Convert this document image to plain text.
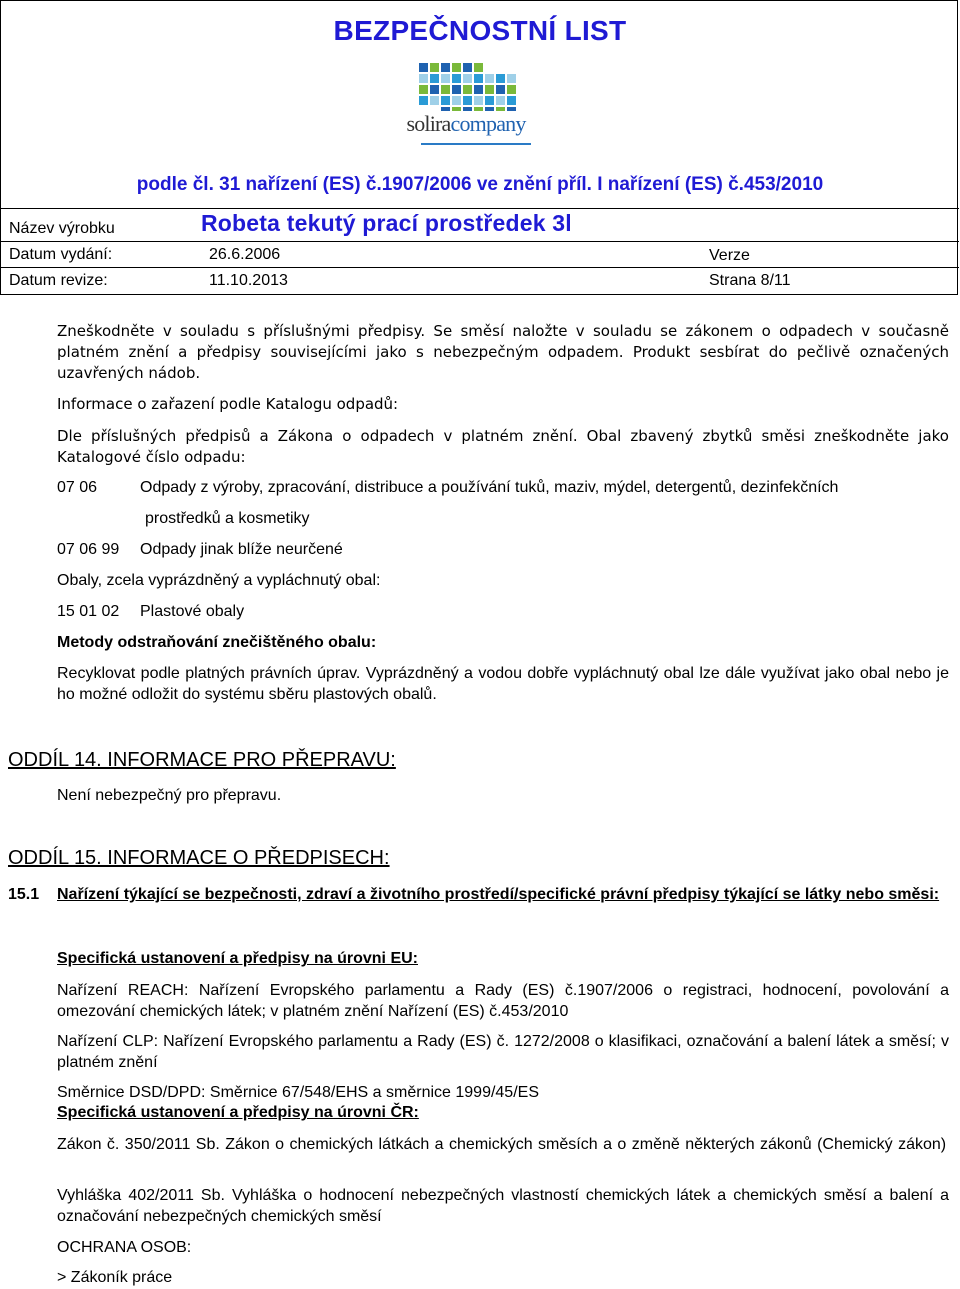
BEZPEČNOSTNÍ LIST
soliracompany
podle čl. 31 nařízení (ES) č.1907/2006 ve znění příl. I nařízení (ES) č.453/2010
Název výrobku	Robeta tekutý prací prostředek 3l
Datum vydání:	26.6.2006	Verze
Datum revize:	11.10.2013	Strana 8/11
Zneškodněte v souladu s příslušnými předpisy. Se směsí naložte v souladu se zákonem o odpadech v současně platném znění a předpisy souvisejícími jako s nebezpečným odpadem. Produkt sesbírat do pečlivě označených uzavřených nádob.
Informace o zařazení podle Katalogu odpadů:
Dle příslušných předpisů a Zákona o odpadech v platném znění. Obal zbavený zbytků směsi zneškodněte jako Katalogové číslo odpadu:
07 06	Odpady z výroby, zpracování, distribuce a používání tuků, maziv, mýdel, detergentů, dezinfekčních
prostředků a kosmetiky
07 06 99 Odpady jinak blíže neurčené
Obaly, zcela vyprázdněný a vypláchnutý obal:
15 01 02 Plastové obaly
Metody odstraňování znečištěného obalu:
Recyklovat podle platných právních úprav. Vyprázdněný a vodou dobře vypláchnutý obal lze dále využívat jako obal nebo je ho možné odložit do systému sběru plastových obalů.
ODDÍL 14. INFORMACE PRO PŘEPRAVU:
Není nebezpečný pro přepravu.
ODDÍL 15. INFORMACE O PŘEDPISECH:
15.1 Nařízení týkající se bezpečnosti, zdraví a životního prostředí/specifické právní předpisy týkající se látky nebo směsi:
Specifická ustanovení a předpisy na úrovni EU:
Nařízení REACH: Nařízení Evropského parlamentu a Rady (ES) č.1907/2006 o registraci, hodnocení, povolování a omezování chemických látek; v platném znění Nařízení (ES) č.453/2010
Nařízení CLP: Nařízení Evropského parlamentu a Rady (ES) č. 1272/2008 o klasifikaci, označování a balení látek a směsí; v platném znění
Směrnice DSD/DPD: Směrnice 67/548/EHS a směrnice 1999/45/ES
Specifická ustanovení a předpisy na úrovni ČR:
Zákon č. 350/2011 Sb. Zákon o chemických látkách a chemických směsích a o změně některých zákonů (Chemický zákon)
Vyhláška 402/2011 Sb. Vyhláška o hodnocení nebezpečných vlastností chemických látek a chemických směsí a balení a označování nebezpečných chemických směsí
OCHRANA OSOB:
> Zákoník práce
